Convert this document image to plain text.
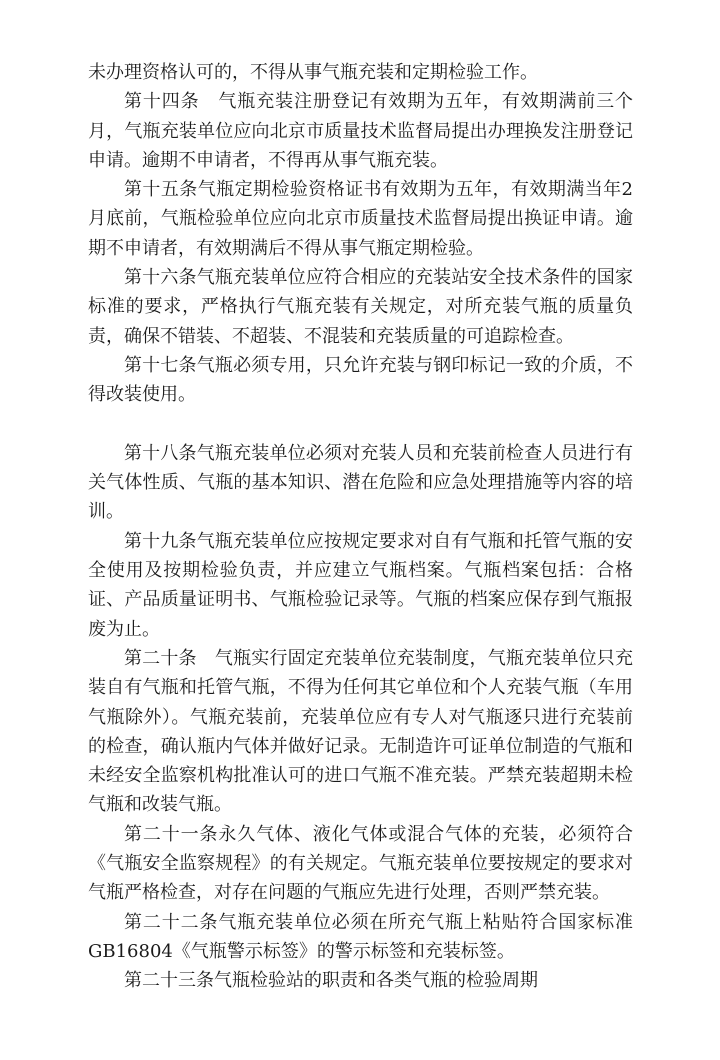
未办理资格认可的，不得从事气瓶充装和定期检验工作。

第十四条　气瓶充装注册登记有效期为五年，有效期满前三个月，气瓶充装单位应向北京市质量技术监督局提出办理换发注册登记申请。逾期不申请者，不得再从事气瓶充装。

第十五条气瓶定期检验资格证书有效期为五年，有效期满当年2月底前，气瓶检验单位应向北京市质量技术监督局提出换证申请。逾期不申请者，有效期满后不得从事气瓶定期检验。

第十六条气瓶充装单位应符合相应的充装站安全技术条件的国家标准的要求，严格执行气瓶充装有关规定，对所充装气瓶的质量负责，确保不错装、不超装、不混装和充装质量的可追踪检查。

第十七条气瓶必须专用，只允许充装与钢印标记一致的介质，不得改装使用。

第十八条气瓶充装单位必须对充装人员和充装前检查人员进行有关气体性质、气瓶的基本知识、潜在危险和应急处理措施等内容的培训。

第十九条气瓶充装单位应按规定要求对自有气瓶和托管气瓶的安全使用及按期检验负责，并应建立气瓶档案。气瓶档案包括：合格证、产品质量证明书、气瓶检验记录等。气瓶的档案应保存到气瓶报废为止。

第二十条　气瓶实行固定充装单位充装制度，气瓶充装单位只充装自有气瓶和托管气瓶，不得为任何其它单位和个人充装气瓶（车用气瓶除外）。气瓶充装前，充装单位应有专人对气瓶逐只进行充装前的检查，确认瓶内气体并做好记录。无制造许可证单位制造的气瓶和未经安全监察机构批准认可的进口气瓶不准充装。严禁充装超期未检气瓶和改装气瓶。

第二十一条永久气体、液化气体或混合气体的充装，必须符合《气瓶安全监察规程》的有关规定。气瓶充装单位要按规定的要求对气瓶严格检查，对存在问题的气瓶应先进行处理，否则严禁充装。

第二十二条气瓶充装单位必须在所充气瓶上粘贴符合国家标准GB16804《气瓶警示标签》的警示标签和充装标签。

第二十三条气瓶检验站的职责和各类气瓶的检验周期
